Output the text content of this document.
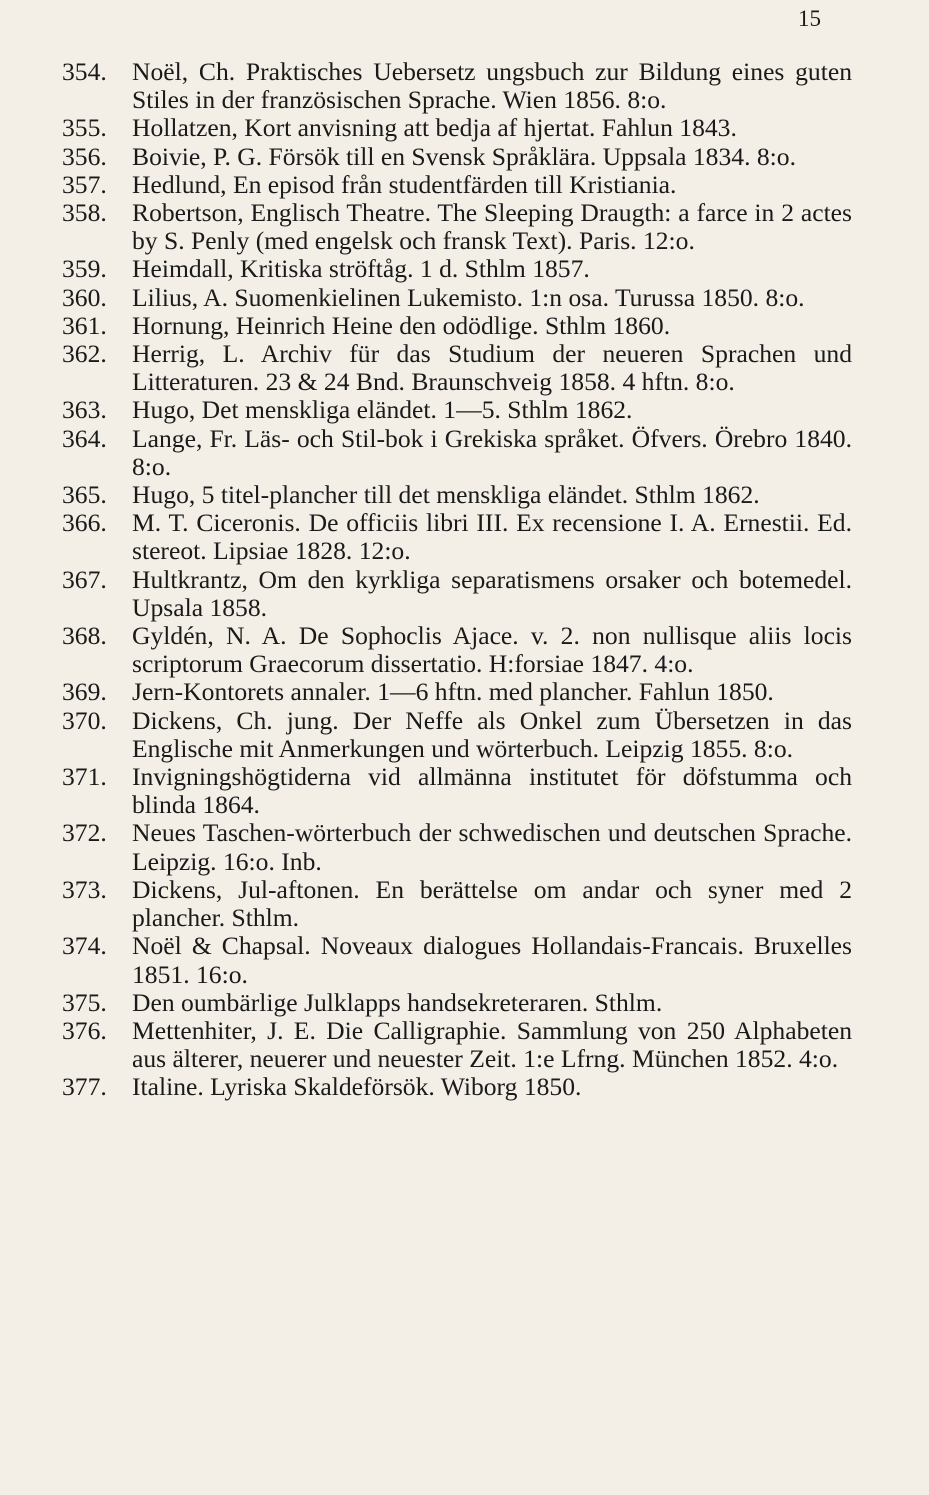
15
354. Noël, Ch. Praktisches Uebersetz ungsbuch zur Bildung eines guten Stiles in der französischen Sprache. Wien 1856. 8:o.

355. Hollatzen, Kort anvisning att bedja af hjertat. Fahlun 1843.

356. Boivie, P. G. Försök till en Svensk Språklära. Uppsala 1834. 8:o.

357. Hedlund, En episod från studentfärden till Kristiania.

358. Robertson, Englisch Theatre. The Sleeping Draugth: a farce in 2 actes by S. Penly (med engelsk och fransk Text). Paris. 12:o.

359. Heimdall, Kritiska ströftåg. 1 d. Sthlm 1857.

360. Lilius, A. Suomenkielinen Lukemisto. 1:n osa. Turussa 1850. 8:o.

361. Hornung, Heinrich Heine den odödlige. Sthlm 1860.

362. Herrig, L. Archiv für das Studium der neueren Sprachen und Litteraturen. 23 & 24 Bnd. Braunschveig 1858. 4 hftn. 8:o.

363. Hugo, Det menskliga eländet. 1—5. Sthlm 1862.

364. Lange, Fr. Läs- och Stil-bok i Grekiska språket. Öfvers. Örebro 1840. 8:o.

365. Hugo, 5 titel-plancher till det menskliga eländet. Sthlm 1862.

366. M. T. Ciceronis. De officiis libri III. Ex recensione I. A. Ernestii. Ed. stereot. Lipsiae 1828. 12:o.

367. Hultkrantz, Om den kyrkliga separatismens orsaker och botemedel. Upsala 1858.

368. Gyldén, N. A. De Sophoclis Ajace. v. 2. non nullisque aliis locis scriptorum Graecorum dissertatio. H:forsiae 1847. 4:o.

369. Jern-Kontorets annaler. 1—6 hftn. med plancher. Fahlun 1850.

370. Dickens, Ch. jung. Der Neffe als Onkel zum Übersetzen in das Englische mit Anmerkungen und wörterbuch. Leipzig 1855. 8:o.

371. Invigningshögtiderna vid allmänna institutet för döfstumma och blinda 1864.

372. Neues Taschen-wörterbuch der schwedischen und deutschen Sprache. Leipzig. 16:o. Inb.

373. Dickens, Jul-aftonen. En berättelse om andar och syner med 2 plancher. Sthlm.

374. Noël & Chapsal. Noveaux dialogues Hollandais-Francais. Bruxelles 1851. 16:o.

375. Den oumbärlige Julklapps handsekreteraren. Sthlm.

376. Mettenhiter, J. E. Die Calligraphie. Sammlung von 250 Alphabeten aus älterer, neuerer und neuester Zeit. 1:e Lfrng. München 1852. 4:o.

377. Italine. Lyriska Skaldeförsök. Wiborg 1850.
